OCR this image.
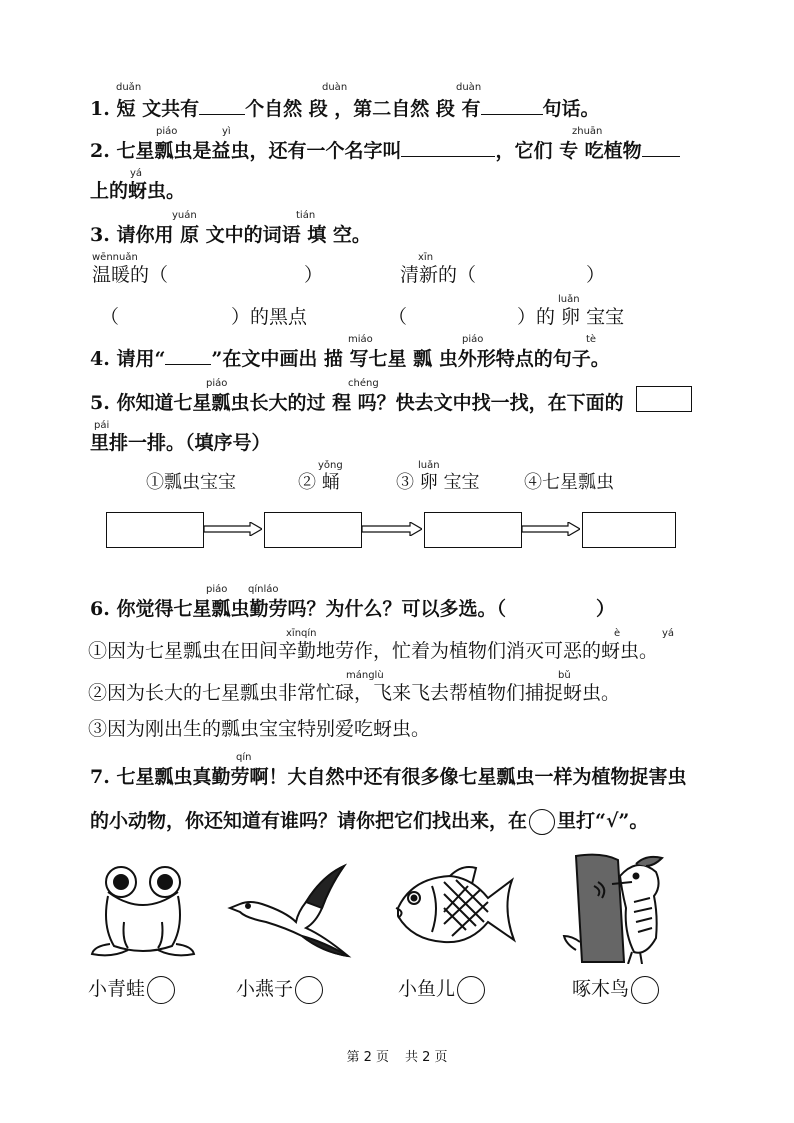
duǎn	duàn	duàn
1. 短 文共有 个自然 段 ，第二自然 段 有	句话。
piáo	yì	zhuān
2. 七星瓢虫是益虫，还有一个名字叫	，它们 专 吃植物
yá
上的蚜虫。
yuán	tián
3. 请你用 原 文中的词语 填 空。
wēnnuǎn	xīn
温暖的（	）	清新的（	）
luǎn
（	）的黑点	（	）的 卵 宝宝
miáo	piáo	tè
4. 请用“ ”在文中画出 描 写七星 瓢 虫外形特点的句子。
piáo	chéng
5. 你知道七星瓢虫长大的过 程 吗？快去文中找一找，在下面的
pái
里排一排。（填序号）
yǒng	luǎn
①瓢虫宝宝	② 蛹	③ 卵 宝宝 ④七星瓢虫
piáo qínláo
6. 你觉得七星瓢虫勤劳吗？为什么？可以多选。（	）
xīnqín	è	yá
①因为七星瓢虫在田间辛勤地劳作，忙着为植物们消灭可恶的蚜虫。
mánglù	bǔ
②因为长大的七星瓢虫非常忙碌，飞来飞去帮植物们捕捉蚜虫。
③因为刚出生的瓢虫宝宝特别爱吃蚜虫。
qín
7. 七星瓢虫真勤劳啊！大自然中还有很多像七星瓢虫一样为植物捉害虫
的小动物，你还知道有谁吗？请你把它们找出来，在 里打“√”。
小青蛙	小燕子	小鱼儿	啄木鸟
第 2 页 共 2 页
